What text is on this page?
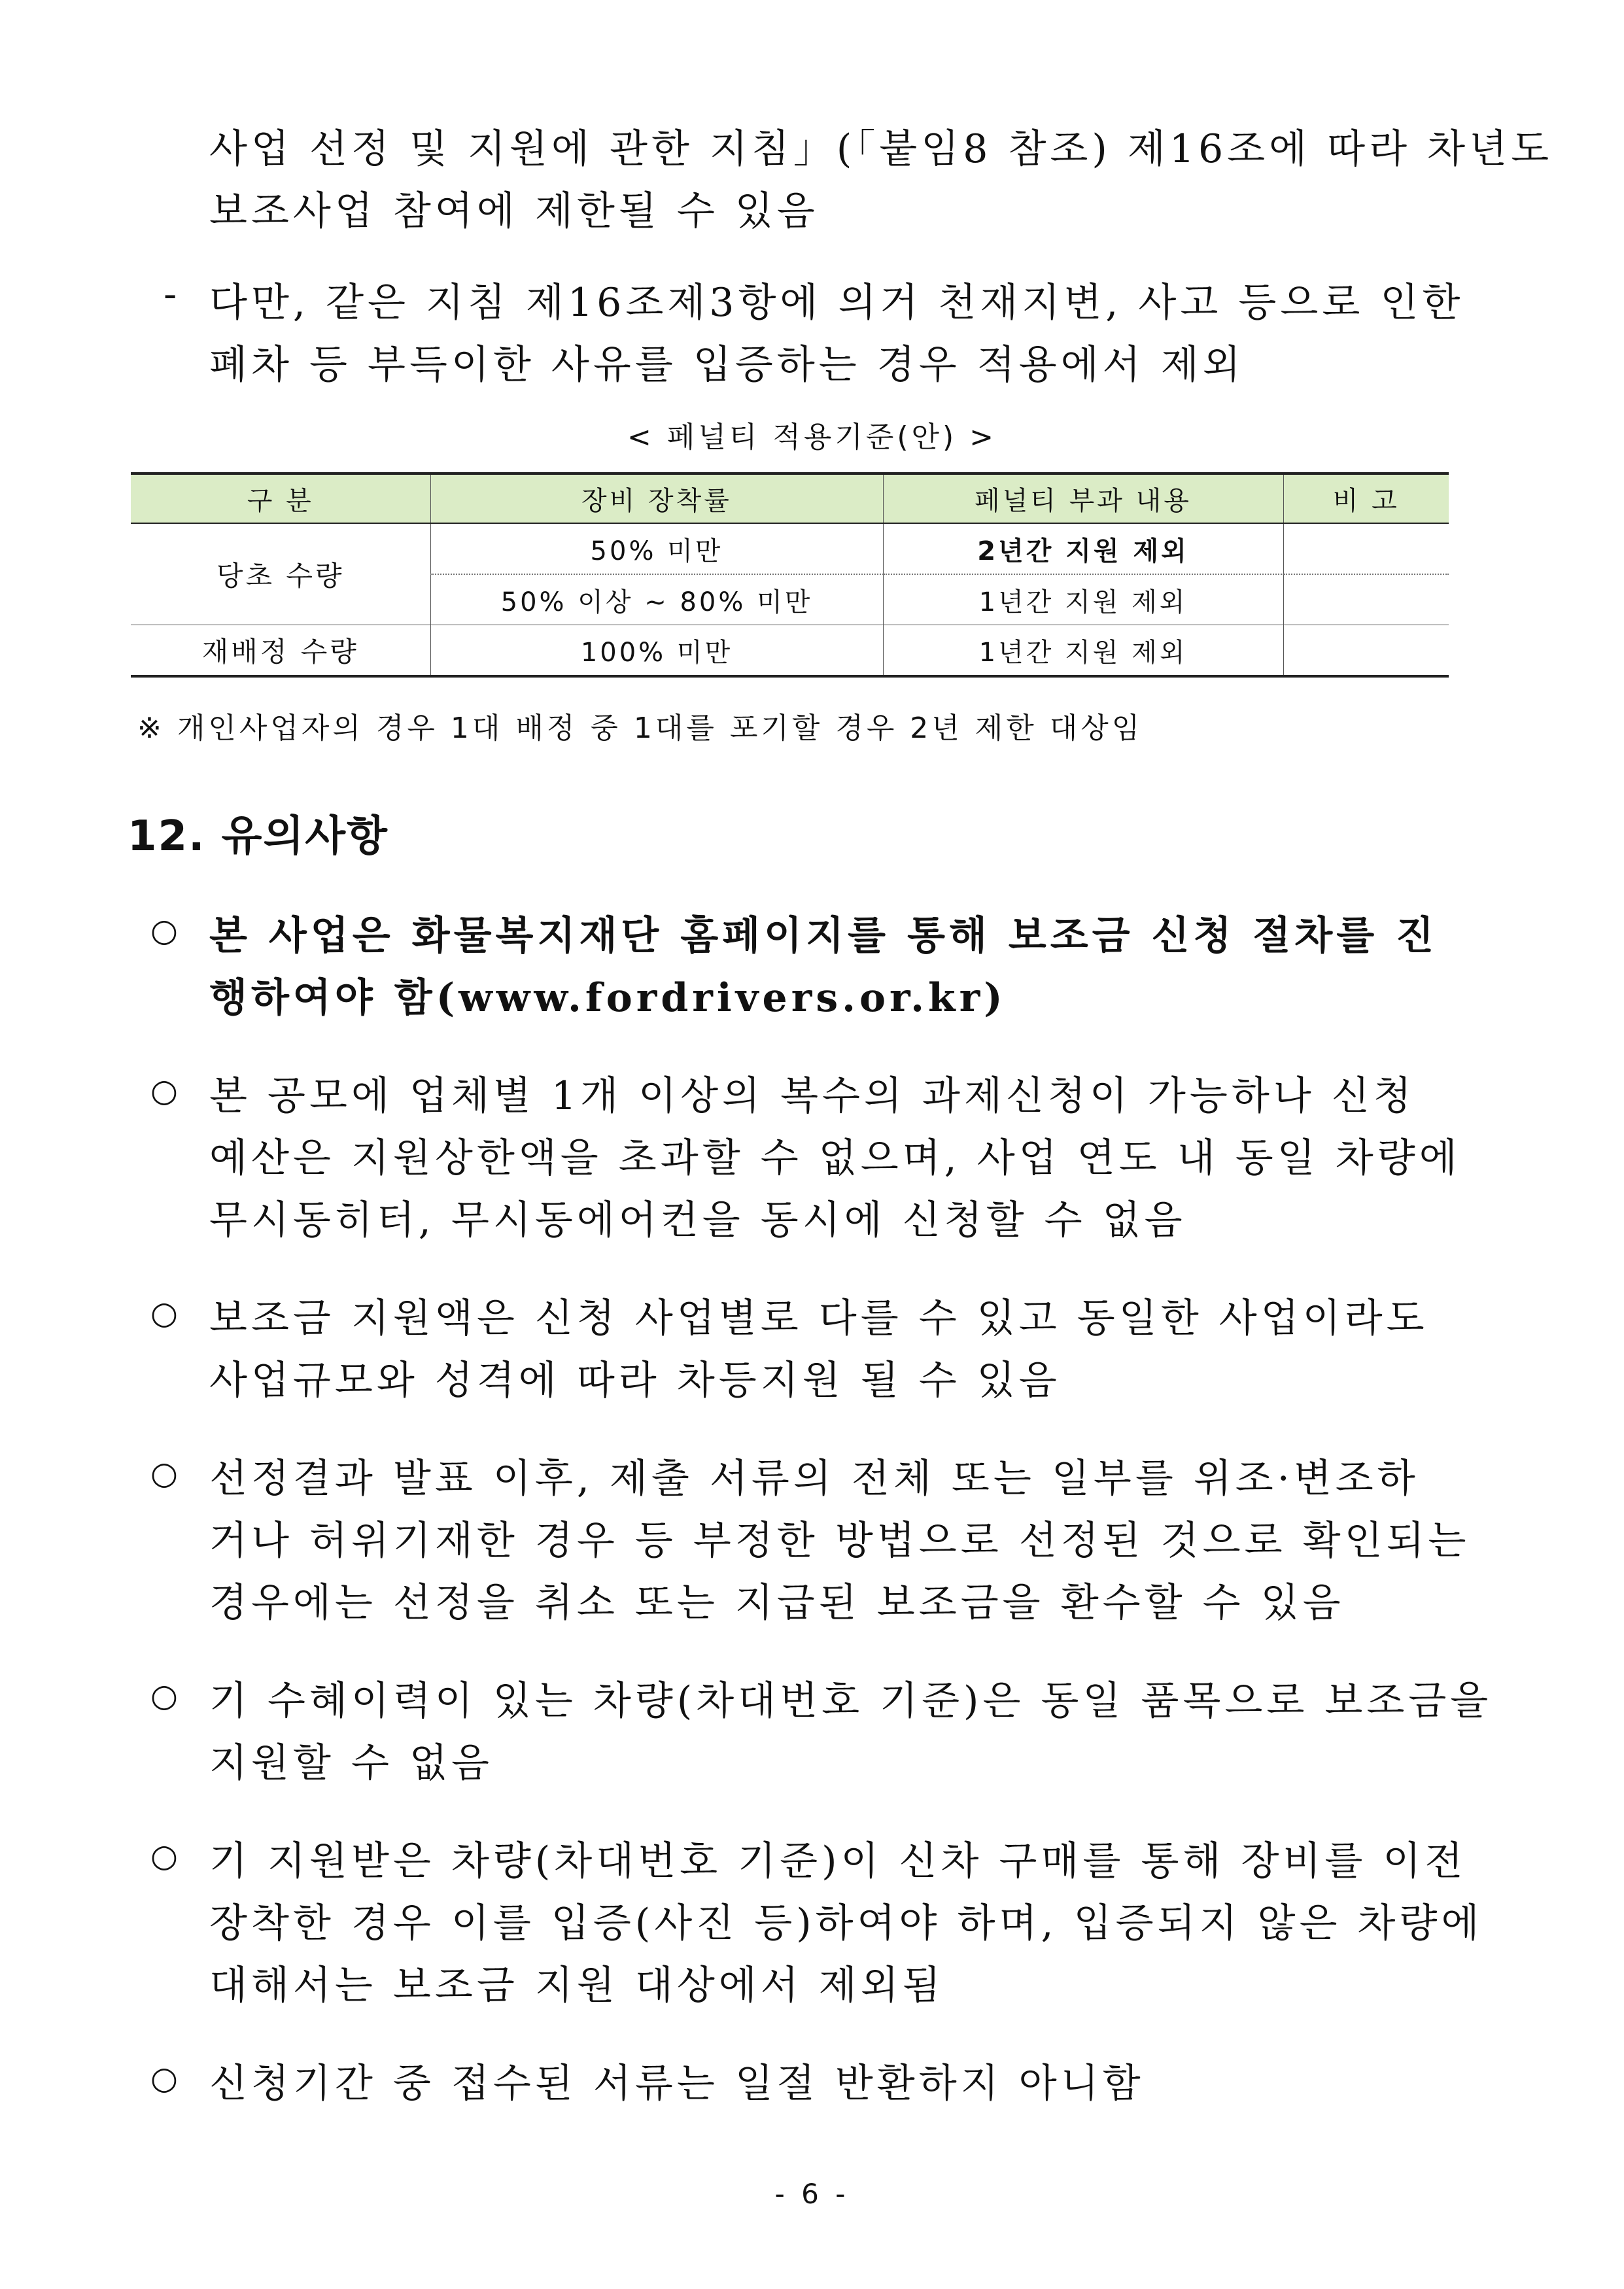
사업 선정 및 지원에 관한 지침」(「붙임8 참조) 제16조에 따라 차년도
보조사업 참여에 제한될 수 있음
- 다만, 같은 지침 제16조제3항에 의거 천재지변, 사고 등으로 인한
폐차 등 부득이한 사유를 입증하는 경우 적용에서 제외
< 페널티 적용기준(안) >
구 분	장비 장착률	페널티 부과 내용	비 고
당초 수량	50% 미만	2년간 지원 제외	
	50% 이상 ~ 80% 미만	1년간 지원 제외	
재배정 수량	100% 미만	1년간 지원 제외	
※ 개인사업자의 경우 1대 배정 중 1대를 포기할 경우 2년 제한 대상임
12. 유의사항
○ 본 사업은 화물복지재단 홈페이지를 통해 보조금 신청 절차를 진
행하여야 함(www.fordrivers.or.kr)
○ 본 공모에 업체별 1개 이상의 복수의 과제신청이 가능하나 신청
예산은 지원상한액을 초과할 수 없으며, 사업 연도 내 동일 차량에
무시동히터, 무시동에어컨을 동시에 신청할 수 없음
○ 보조금 지원액은 신청 사업별로 다를 수 있고 동일한 사업이라도
사업규모와 성격에 따라 차등지원 될 수 있음
○ 선정결과 발표 이후, 제출 서류의 전체 또는 일부를 위조·변조하
거나 허위기재한 경우 등 부정한 방법으로 선정된 것으로 확인되는
경우에는 선정을 취소 또는 지급된 보조금을 환수할 수 있음
○ 기 수혜이력이 있는 차량(차대번호 기준)은 동일 품목으로 보조금을
지원할 수 없음
○ 기 지원받은 차량(차대번호 기준)이 신차 구매를 통해 장비를 이전
장착한 경우 이를 입증(사진 등)하여야 하며, 입증되지 않은 차량에
대해서는 보조금 지원 대상에서 제외됨
○ 신청기간 중 접수된 서류는 일절 반환하지 아니함
- 6 -
